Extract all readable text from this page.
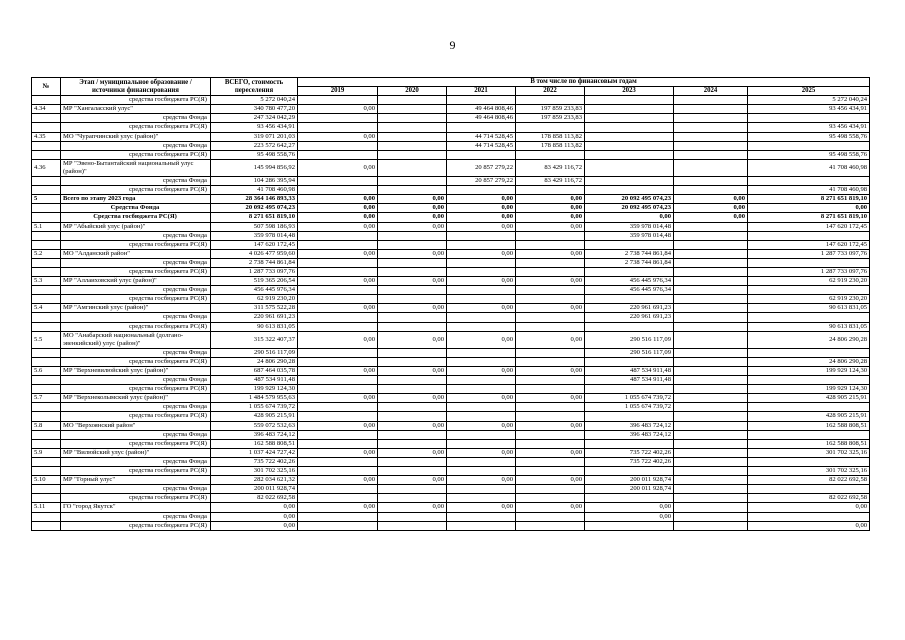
9
№	Этап / муниципальное образование / источники финансирования	ВСЕГО, стоимость переселения	В том числе по финансовым годам						
			2019	2020	2021	2022	2023	2024	2025
	средства госбюджета РС(Я)	5 272 040,24							5 272 040,24
4.34	МР "Хангаласский улус"	340 780 477,20	0,00		49 464 808,46	197 859 233,83			93 456 434,91
	средства Фонда	247 324 042,29			49 464 808,46	197 859 233,83			
	средства госбюджета РС(Я)	93 456 434,91							93 456 434,91
4.35	МО "Чурапчинский улус (район)"	319 071 201,03	0,00		44 714 528,45	178 858 113,82			95 498 558,76
	средства Фонда	223 572 642,27			44 714 528,45	178 858 113,82			
	средства госбюджета РС(Я)	95 498 558,76							95 498 558,76
4.36	МР "Эвено-Бытантайский национальный улус (район)"	145 994 856,92	0,00		20 857 279,22	83 429 116,72			41 708 460,98
	средства Фонда	104 286 395,94			20 857 279,22	83 429 116,72			
	средства госбюджета РС(Я)	41 708 460,98							41 708 460,98
5	Всего по этапу 2023 года	28 364 146 893,33	0,00	0,00	0,00	0,00	20 092 495 074,23	0,00	8 271 651 819,10
	Средства Фонда	20 092 495 074,23	0,00	0,00	0,00	0,00	20 092 495 074,23	0,00	0,00
	Средства госбюджета РС(Я)	8 271 651 819,10	0,00	0,00	0,00	0,00	0,00	0,00	8 271 651 819,10
5.1	МР "Абыйский улус (район)"	507 598 186,93	0,00	0,00	0,00	0,00	359 978 014,48		147 620 172,45
	средства Фонда	359 978 014,48					359 978 014,48		
	средства госбюджета РС(Я)	147 620 172,45							147 620 172,45
5.2	МО "Алданский район"	4 026 477 959,60	0,00	0,00	0,00	0,00	2 738 744 861,84		1 287 733 097,76
	средства Фонда	2 738 744 861,84					2 738 744 861,84		
	средства госбюджета РС(Я)	1 287 733 097,76							1 287 733 097,76
5.3	МР "Аллаиховский улус (район)"	519 365 206,54	0,00	0,00	0,00	0,00	456 445 976,34		62 919 230,20
	средства Фонда	456 445 976,34					456 445 976,34		
	средства госбюджета РС(Я)	62 919 230,20							62 919 230,20
5.4	МР "Амгинский улус (район)"	311 575 522,28	0,00	0,00	0,00	0,00	220 961 691,23		90 613 831,05
	средства Фонда	220 961 691,23					220 961 691,23		
	средства госбюджета РС(Я)	90 613 831,05							90 613 831,05
5.5	МО "Анабарский национальный (долгано-эвенкийский) улус (район)"	315 322 407,37	0,00	0,00	0,00	0,00	290 516 117,09		24 806 290,28
	средства Фонда	290 516 117,09					290 516 117,09		
	средства госбюджета РС(Я)	24 806 290,28							24 806 290,28
5.6	МР "Верхневилюйский улус (район)"	687 464 035,78	0,00	0,00	0,00	0,00	487 534 911,48		199 929 124,30
	средства Фонда	487 534 911,48					487 534 911,48		
	средства госбюджета РС(Я)	199 929 124,30							199 929 124,30
5.7	МР "Верхнеколымский улус (район)"	1 484 579 955,63	0,00	0,00	0,00	0,00	1 055 674 739,72		428 905 215,91
	средства Фонда	1 055 674 739,72					1 055 674 739,72		
	средства госбюджета РС(Я)	428 905 215,91							428 905 215,91
5.8	МО "Верхоянский район"	559 072 532,63	0,00	0,00	0,00	0,00	396 483 724,12		162 588 808,51
	средства Фонда	396 483 724,12					396 483 724,12		
	средства госбюджета РС(Я)	162 588 808,51							162 588 808,51
5.9	МР "Вилюйский улус (район)"	1 037 424 727,42	0,00	0,00	0,00	0,00	735 722 402,26		301 702 325,16
	средства Фонда	735 722 402,26					735 722 402,26		
	средства госбюджета РС(Я)	301 702 325,16							301 702 325,16
5.10	МР "Горный улус"	282 034 621,32	0,00	0,00	0,00	0,00	200 011 928,74		82 022 692,58
	средства Фонда	200 011 928,74					200 011 928,74		
	средства госбюджета РС(Я)	82 022 692,58							82 022 692,58
5.11	ГО "город Якутск"	0,00	0,00	0,00	0,00	0,00	0,00		0,00
	средства Фонда	0,00					0,00		
	средства госбюджета РС(Я)	0,00							0,00
